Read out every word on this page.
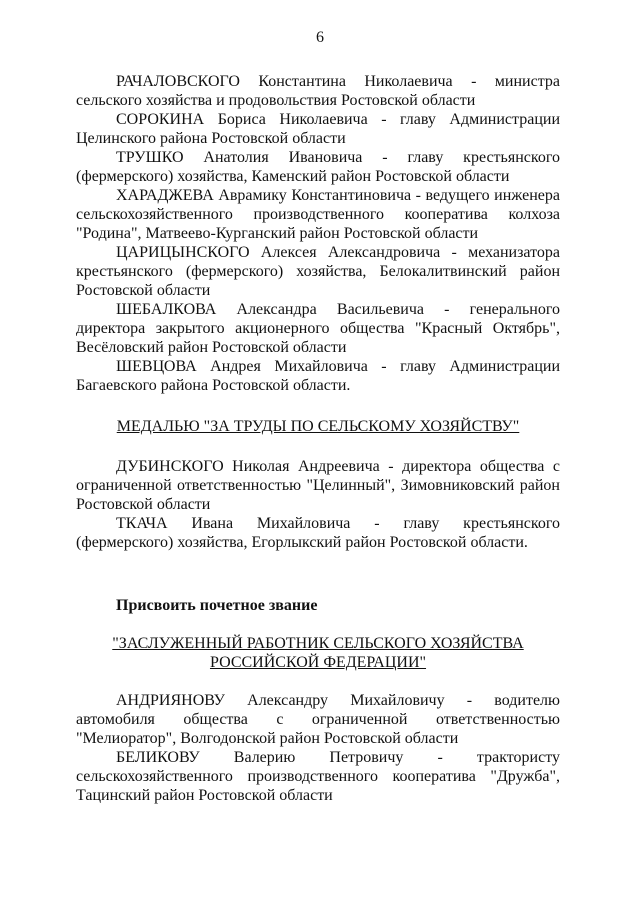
6

РАЧАЛОВСКОГО Константина Николаевича - министра сельского хозяйства и продовольствия Ростовской области

СОРОКИНА Бориса Николаевича - главу Администрации Целинского района Ростовской области

ТРУШКО Анатолия Ивановича - главу крестьянского (фермерского) хозяйства, Каменский район Ростовской области

ХАРАДЖЕВА Аврамику Константиновича - ведущего инженера сельскохозяйственного производственного кооператива колхоза "Родина", Матвеево-Курганский район Ростовской области

ЦАРИЦЫНСКОГО Алексея Александровича - механизатора крестьянского (фермерского) хозяйства, Белокалитвинский район Ростовской области

ШЕБАЛКОВА Александра Васильевича - генерального директора закрытого акционерного общества "Красный Октябрь", Весёловский район Ростовской области

ШЕВЦОВА Андрея Михайловича - главу Администрации Багаевского района Ростовской области.

МЕДАЛЬЮ "ЗА ТРУДЫ ПО СЕЛЬСКОМУ ХОЗЯЙСТВУ"

ДУБИНСКОГО Николая Андреевича - директора общества с ограниченной ответственностью "Целинный", Зимовниковский район Ростовской области

ТКАЧА Ивана Михайловича - главу крестьянского (фермерского) хозяйства, Егорлыкский район Ростовской области.

Присвоить почетное звание

"ЗАСЛУЖЕННЫЙ РАБОТНИК СЕЛЬСКОГО ХОЗЯЙСТВА

РОССИЙСКОЙ ФЕДЕРАЦИИ"

АНДРИЯНОВУ Александру Михайловичу - водителю автомобиля общества с ограниченной ответственностью "Мелиоратор", Волгодонской район Ростовской области

БЕЛИКОВУ Валерию Петровичу - трактористу сельскохозяйственного производственного кооператива "Дружба", Тацинский район Ростовской области
